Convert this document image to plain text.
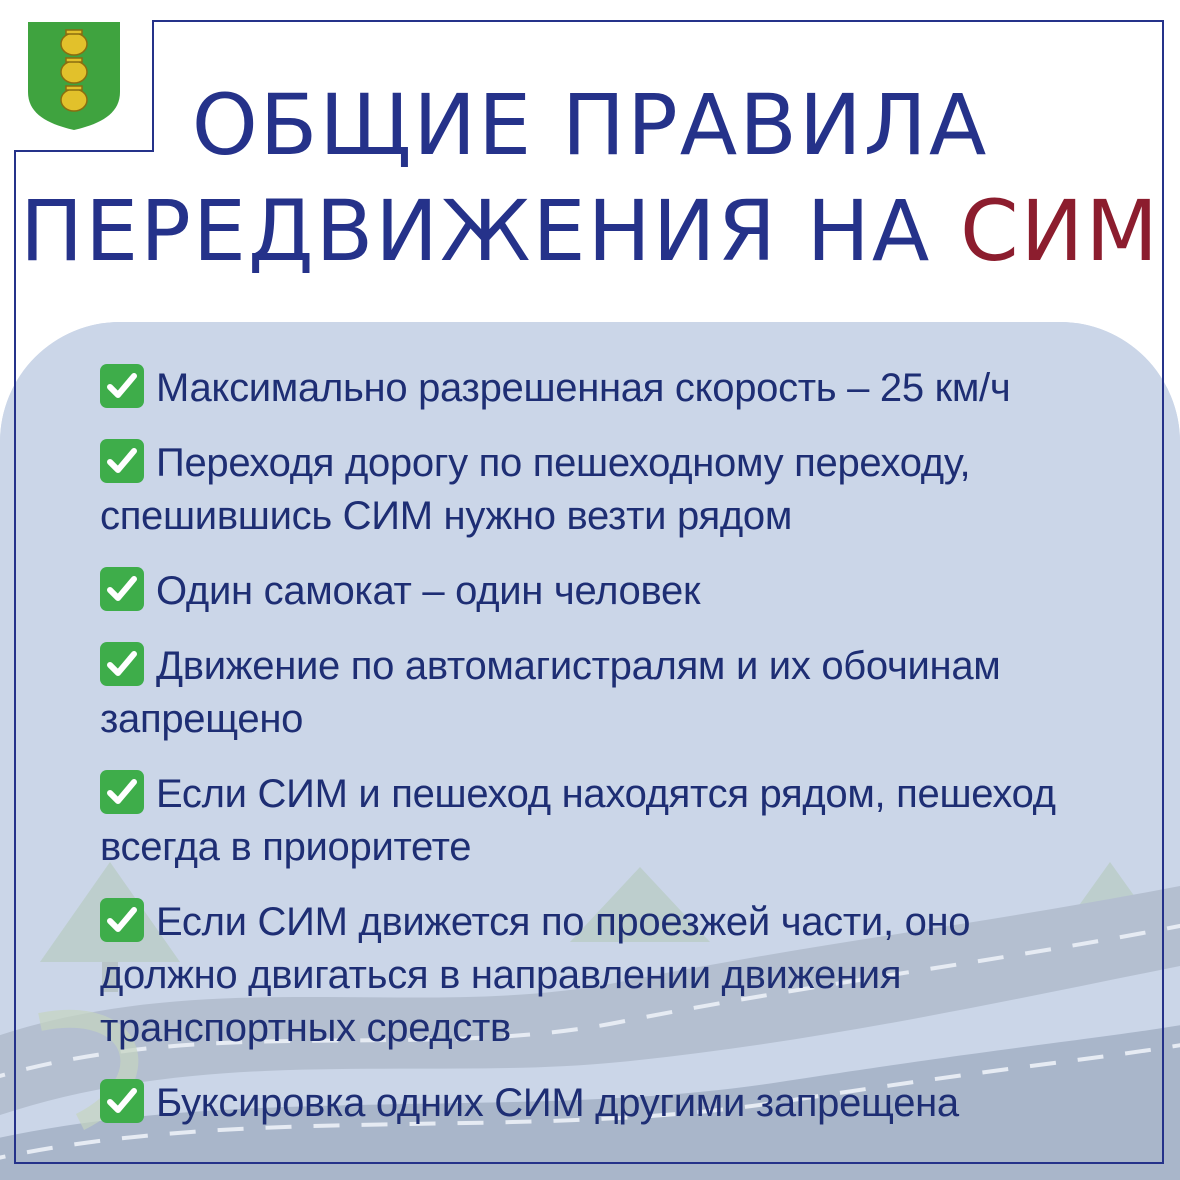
ОБЩИЕ ПРАВИЛА
ПЕРЕДВИЖЕНИЯ НА СИМ
Максимально разрешенная скорость – 25 км/ч
Переходя дорогу по пешеходному переходу, спешившись СИМ нужно везти рядом
Один самокат – один человек
Движение по автомагистралям и их обочинам запрещено
Если СИМ и пешеход находятся рядом, пешеход всегда в приоритете
Если СИМ движется по проезжей части, оно должно двигаться в направлении движения транспортных средств
Буксировка одних СИМ другими запрещена
